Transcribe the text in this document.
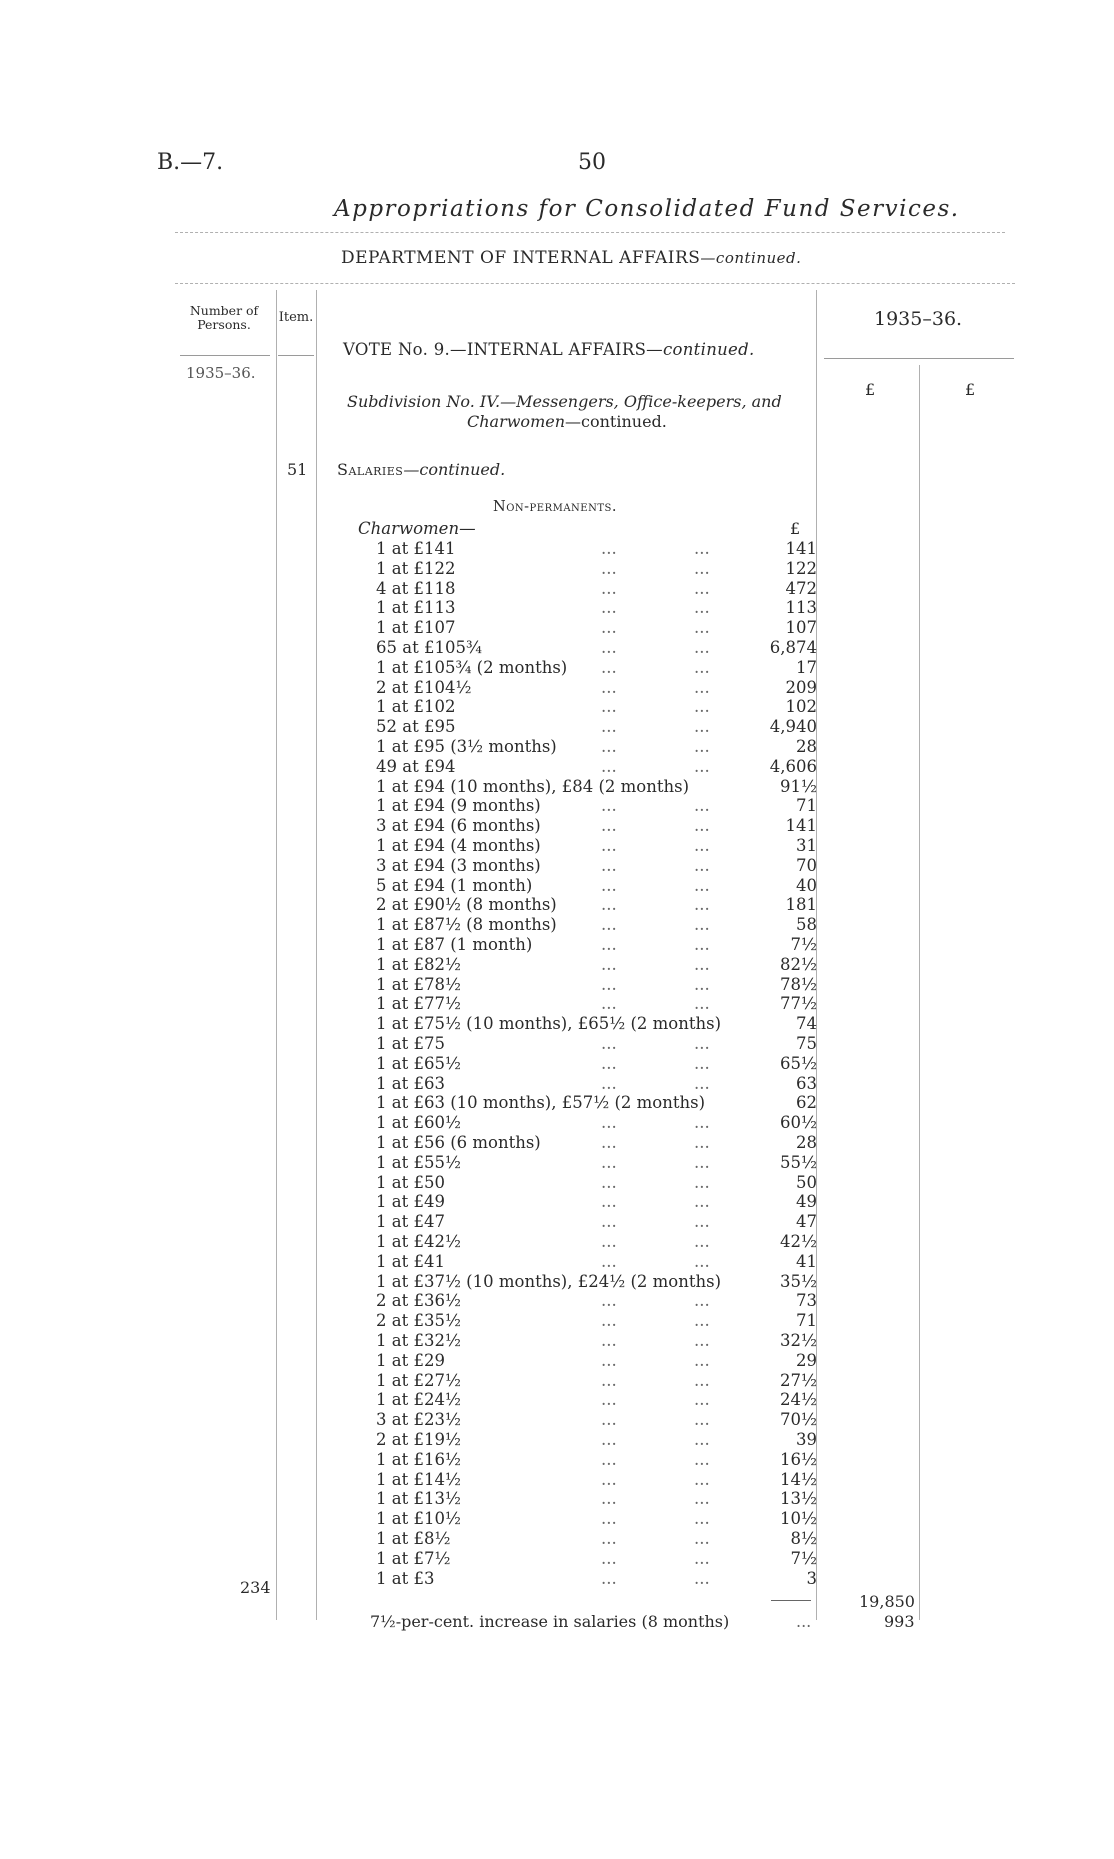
B.—7.	50
Appropriations for Consolidated Fund Services.
DEPARTMENT OF INTERNAL AFFAIRS—continued.
Number of Persons.	Item.	1935–36.
1935–36.
£	£
VOTE No. 9.—INTERNAL AFFAIRS—continued.
Subdivision No. IV.—Messengers, Office-keepers, and
Charwomen—continued.
51 Salaries—continued.
Non-permanents.
Charwomen—	£
1 at £141	...	...	141
1 at £122	...	...	122
4 at £118	...	...	472
1 at £113	...	...	113
1 at £107	...	...	107
65 at £105¾	...	...	6,874
1 at £105¾ (2 months) ...	...	17
2 at £104½	...	...	209
1 at £102	...	...	102
52 at £95	...	...	4,940
1 at £95 (3½ months)	...	...	28
49 at £94	...	...	4,606
1 at £94 (10 months), £84 (2 months)	91½
1 at £94 (9 months)	...	...	71
3 at £94 (6 months)	...	...	141
1 at £94 (4 months)	...	...	31
3 at £94 (3 months)	...	...	70
5 at £94 (1 month)	...	...	40
2 at £90½ (8 months)	...	...	181
1 at £87½ (8 months)	...	...	58
1 at £87 (1 month)	...	...	7½
1 at £82½	...	...	82½
1 at £78½	...	...	78½
1 at £77½	...	...	77½
1 at £75½ (10 months), £65½ (2 months)	74
1 at £75	...	...	75
1 at £65½	...	...	65½
1 at £63	...	...	63
1 at £63 (10 months), £57½ (2 months)	62
1 at £60½	...	...	60½
1 at £56 (6 months)	...	...	28
1 at £55½	...	...	55½
1 at £50	...	...	50
1 at £49	...	...	49
1 at £47	...	...	47
1 at £42½	...	...	42½
1 at £41	...	...	41
1 at £37½ (10 months), £24½ (2 months)	35½
2 at £36½	...	...	73
2 at £35½	...	...	71
1 at £32½	...	...	32½
1 at £29	...	...	29
1 at £27½	...	...	27½
1 at £24½	...	...	24½
3 at £23½	...	...	70½
2 at £19½	...	...	39
1 at £16½	...	...	16½
1 at £14½	...	...	14½
1 at £13½	...	...	13½
1 at £10½	...	...	10½
1 at £8½	...	...	8½
1 at £7½	...	...	7½
1 at £3	...	...	3
234
19,850
7½-per-cent. increase in salaries (8 months)	...	993
